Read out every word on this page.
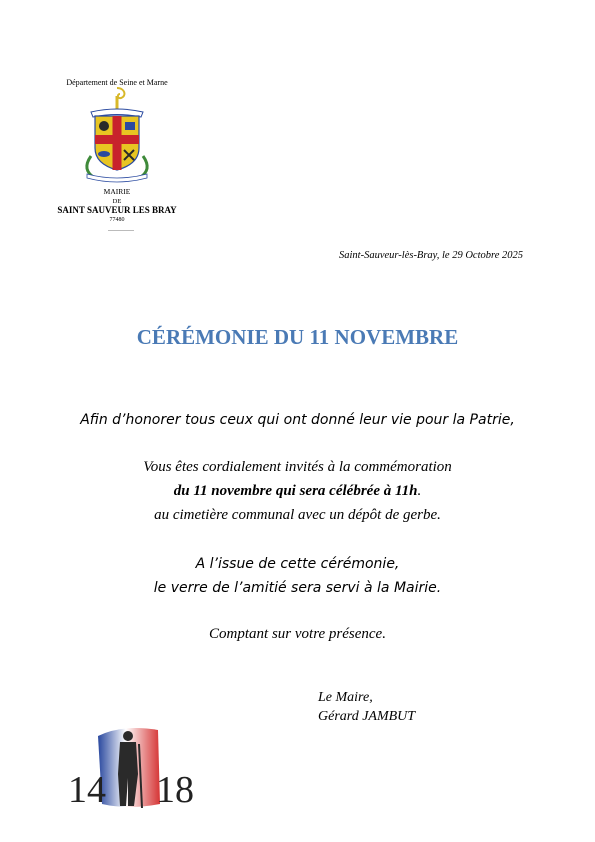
Département de Seine et Marne
MAIRIE
DE
SAINT SAUVEUR LES BRAY
77480
Saint-Sauveur-lès-Bray, le 29 Octobre 2025
CÉRÉMONIE DU 11 NOVEMBRE
Afin d’honorer tous ceux qui ont donné leur vie pour la Patrie,
Vous êtes cordialement invités à la commémoration
du 11 novembre qui sera célébrée à 11h.
au cimetière communal avec un dépôt de gerbe.
A l’issue de cette cérémonie,
le verre de l’amitié sera servi à la Mairie.
Comptant sur votre présence.
Le Maire,
Gérard JAMBUT
14 18
